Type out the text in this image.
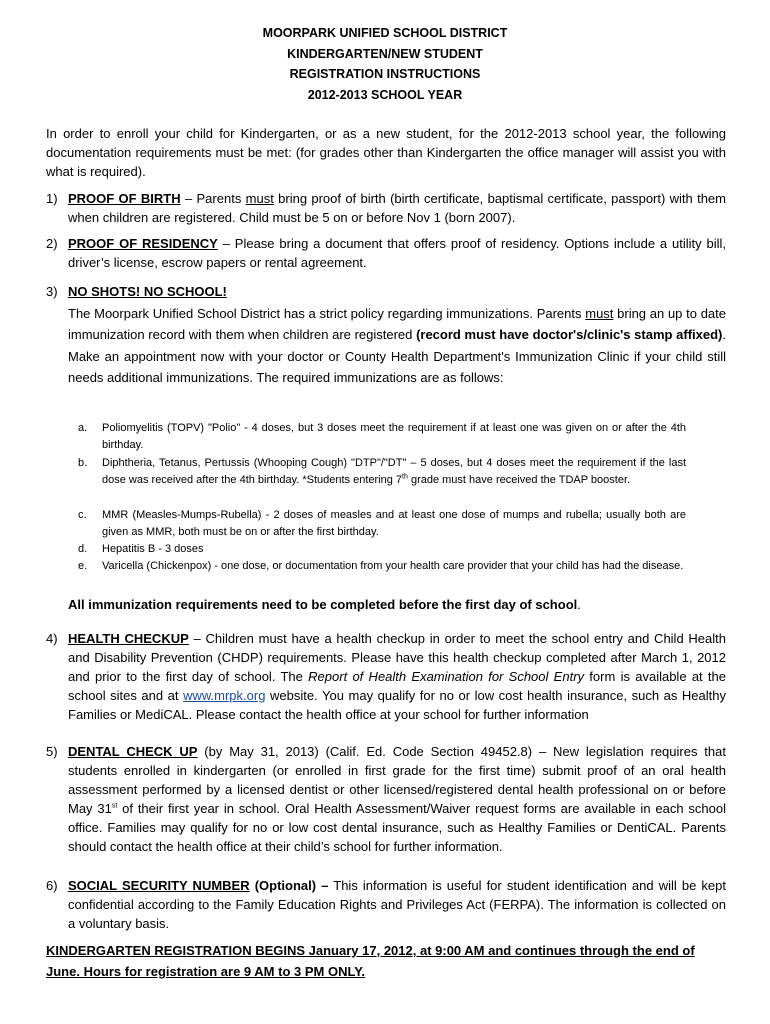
MOORPARK UNIFIED SCHOOL DISTRICT
KINDERGARTEN/NEW STUDENT
REGISTRATION INSTRUCTIONS
2012-2013 SCHOOL YEAR
In order to enroll your child for Kindergarten, or as a new student, for the 2012-2013 school year, the following documentation requirements must be met: (for grades other than Kindergarten the office manager will assist you with what is required).
1) PROOF OF BIRTH – Parents must bring proof of birth (birth certificate, baptismal certificate, passport) with them when children are registered. Child must be 5 on or before Nov 1 (born 2007).
2) PROOF OF RESIDENCY – Please bring a document that offers proof of residency. Options include a utility bill, driver’s license, escrow papers or rental agreement.
3) NO SHOTS! NO SCHOOL!
The Moorpark Unified School District has a strict policy regarding immunizations. Parents must bring an up to date immunization record with them when children are registered (record must have doctor's/clinic's stamp affixed). Make an appointment now with your doctor or County Health Department's Immunization Clinic if your child still needs additional immunizations. The required immunizations are as follows:
a.	Poliomyelitis (TOPV) "Polio" - 4 doses, but 3 doses meet the requirement if at least one was given on or after the 4th birthday.
b.	Diphtheria, Tetanus, Pertussis (Whooping Cough) "DTP"/"DT" – 5 doses, but 4 doses meet the requirement if the last dose was received after the 4th birthday. *Students entering 7th grade must have received the TDAP booster.
c.	MMR (Measles-Mumps-Rubella) - 2 doses of measles and at least one dose of mumps and rubella; usually both are given as MMR, both must be on or after the first birthday.
d.	Hepatitis B - 3 doses
e.	Varicella (Chickenpox) - one dose, or documentation from your health care provider that your child has had the disease.
All immunization requirements need to be completed before the first day of school.
4) HEALTH CHECKUP – Children must have a health checkup in order to meet the school entry and Child Health and Disability Prevention (CHDP) requirements. Please have this health checkup completed after March 1, 2012 and prior to the first day of school. The Report of Health Examination for School Entry form is available at the school sites and at www.mrpk.org website. You may qualify for no or low cost health insurance, such as Healthy Families or MediCAL. Please contact the health office at your school for further information
5) DENTAL CHECK UP (by May 31, 2013) (Calif. Ed. Code Section 49452.8) – New legislation requires that students enrolled in kindergarten (or enrolled in first grade for the first time) submit proof of an oral health assessment performed by a licensed dentist or other licensed/registered dental health professional on or before May 31st of their first year in school. Oral Health Assessment/Waiver request forms are available in each school office. Families may qualify for no or low cost dental insurance, such as Healthy Families or DentiCAL. Parents should contact the health office at their child’s school for further information.
6) SOCIAL SECURITY NUMBER (Optional) – This information is useful for student identification and will be kept confidential according to the Family Education Rights and Privileges Act (FERPA). The information is collected on a voluntary basis.
KINDERGARTEN REGISTRATION BEGINS January 17, 2012, at 9:00 AM and continues through the end of June. Hours for registration are 9 AM to 3 PM ONLY.
